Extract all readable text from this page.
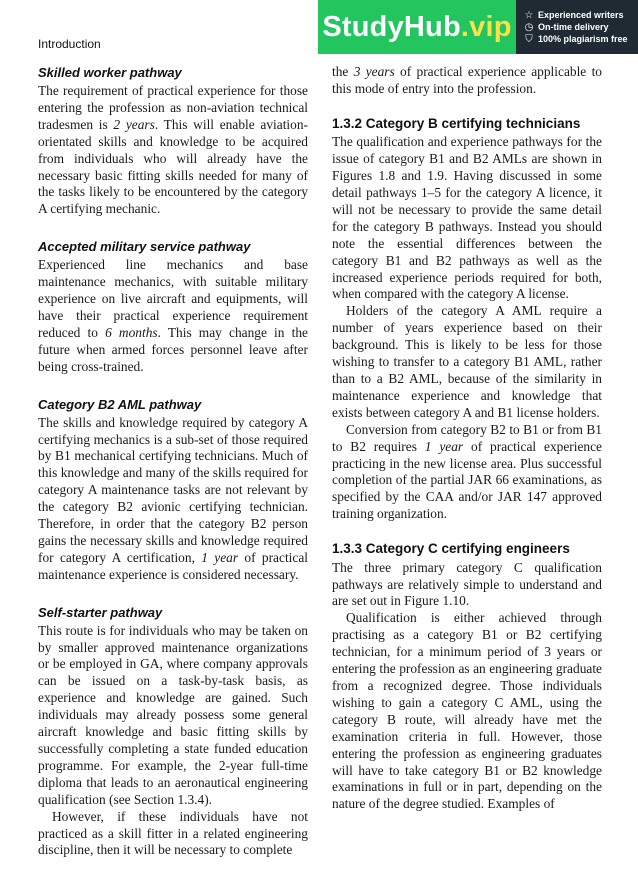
Introduction
StudyHub .vip ☆ Experienced writers
◷ On-time delivery
⛉ 100% plagiarism free
Skilled worker pathway

The requirement of practical experience for those entering the profession as non-aviation technical tradesmen is 2 years. This will enable aviation-orientated skills and knowledge to be acquired from individuals who will already have the necessary basic fitting skills needed for many of the tasks likely to be encountered by the category A certifying mechanic.

Accepted military service pathway

Experienced line mechanics and base maintenance mechanics, with suitable military experience on live aircraft and equipments, will have their practical experience requirement reduced to 6 months. This may change in the future when armed forces personnel leave after being cross-trained.

Category B2 AML pathway

The skills and knowledge required by category A certifying mechanics is a sub-set of those required by B1 mechanical certifying technicians. Much of this knowledge and many of the skills required for category A maintenance tasks are not relevant by the category B2 avionic certifying technician. Therefore, in order that the category B2 person gains the necessary skills and knowledge required for category A certification, 1 year of practical maintenance experience is considered necessary.

Self-starter pathway

This route is for individuals who may be taken on by smaller approved maintenance organizations or be employed in GA, where company approvals can be issued on a task-by-task basis, as experience and knowledge are gained. Such individuals may already possess some general aircraft knowledge and basic fitting skills by successfully completing a state funded education programme. For example, the 2-year full-time diploma that leads to an aeronautical engineering qualification (see Section 1.3.4).

However, if these individuals have not practiced as a skill fitter in a related engineering discipline, then it will be necessary to complete

the 3 years of practical experience applicable to this mode of entry into the profession.

1.3.2 Category B certifying technicians

The qualification and experience pathways for the issue of category B1 and B2 AMLs are shown in Figures 1.8 and 1.9. Having discussed in some detail pathways 1–5 for the category A licence, it will not be necessary to provide the same detail for the category B pathways. Instead you should note the essential differences between the category B1 and B2 pathways as well as the increased experience periods required for both, when compared with the category A license.

Holders of the category A AML require a number of years experience based on their background. This is likely to be less for those wishing to transfer to a category B1 AML, rather than to a B2 AML, because of the similarity in maintenance experience and knowledge that exists between category A and B1 license holders.

Conversion from category B2 to B1 or from B1 to B2 requires 1 year of practical experience practicing in the new license area. Plus successful completion of the partial JAR 66 examinations, as specified by the CAA and/or JAR 147 approved training organization.

1.3.3 Category C certifying engineers

The three primary category C qualification pathways are relatively simple to understand and are set out in Figure 1.10.

Qualification is either achieved through practising as a category B1 or B2 certifying technician, for a minimum period of 3 years or entering the profession as an engineering graduate from a recognized degree. Those individuals wishing to gain a category C AML, using the category B route, will already have met the examination criteria in full. However, those entering the profession as engineering graduates will have to take category B1 or B2 knowledge examinations in full or in part, depending on the nature of the degree studied. Examples of
